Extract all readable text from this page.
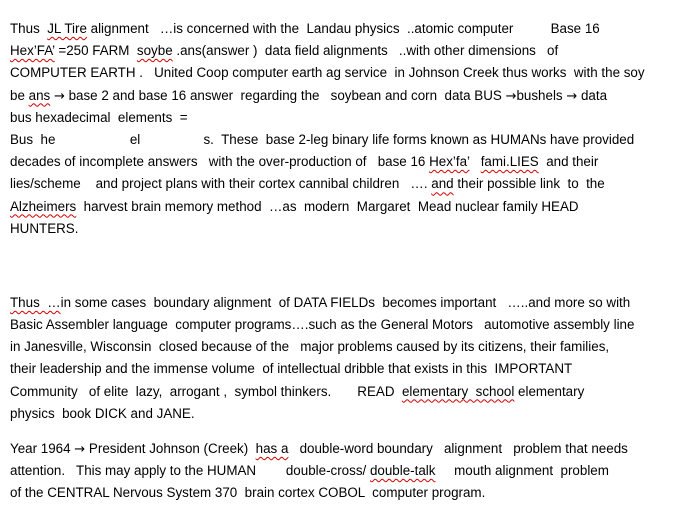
Thus  JL Tire alignment   …is concerned with the  Landau physics  ..atomic computer          Base 16
Hex’FA’ =250 FARM  soybe .ans(answer )  data field alignments   ..with other dimensions   of
COMPUTER EARTH .   United Coop computer earth ag service  in Johnson Creek thus works  with the soy
be ans → base 2 and base 16 answer  regarding the   soybean and corn  data BUS →bushels → data
bus hexadecimal  elements  =
Bus  he                    el                 s.  These  base 2-leg binary life forms known as HUMANs have provided
decades of incomplete answers   with the over-production of   base 16 Hex’fa’ fami.LIES  and their
lies/scheme    and project plans with their cortex cannibal children   …. and their possible link  to  the
Alzheimers  harvest brain memory method  …as  modern  Margaret  Mead nuclear family HEAD
HUNTERS.
Thus  …in some cases  boundary alignment  of DATA FIELDs  becomes important   …..and more so with
Basic Assembler language  computer programs….such as the General Motors   automotive assembly line
in Janesville, Wisconsin  closed because of the   major problems caused by its citizens, their families,
their leadership and the immense volume  of intellectual dribble that exists in this  IMPORTANT
Community   of elite  lazy,  arrogant ,  symbol thinkers.       READ  elementary  school elementary
physics  book DICK and JANE.
Year 1964 → President Johnson (Creek)  has a   double-word boundary   alignment   problem that needs
attention.   This may apply to the HUMAN        double-cross/ double-talk     mouth alignment  problem
of the CENTRAL Nervous System 370  brain cortex COBOL  computer program.
